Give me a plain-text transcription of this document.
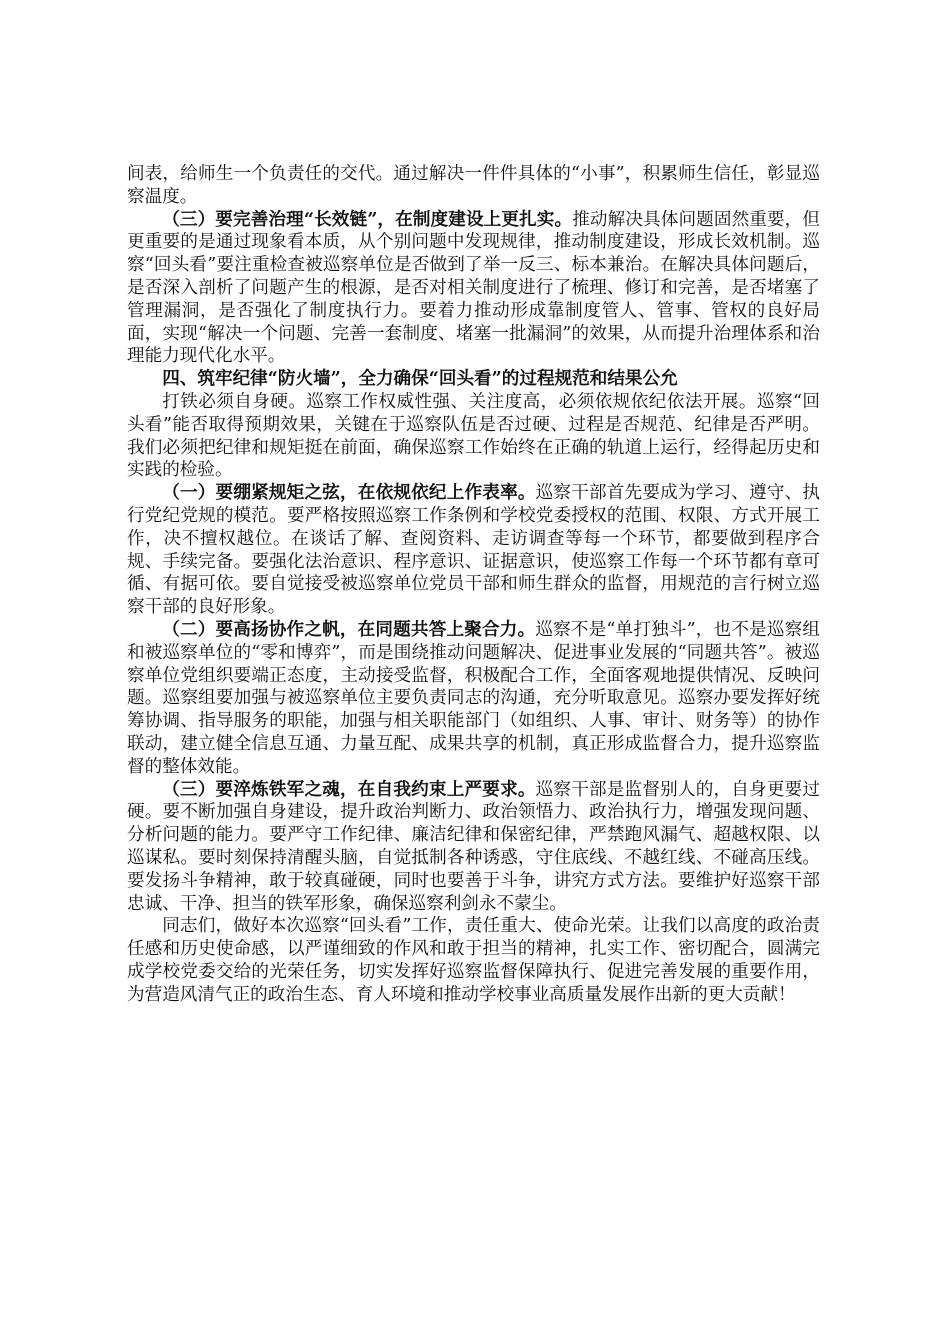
间表，给师生一个负责任的交代。通过解决一件件具体的“小事”，积累师生信任，彰显巡察温度。

（三）要完善治理“长效链”，在制度建设上更扎实。推动解决具体问题固然重要，但更重要的是通过现象看本质，从个别问题中发现规律，推动制度建设，形成长效机制。巡察“回头看”要注重检查被巡察单位是否做到了举一反三、标本兼治。在解决具体问题后，是否深入剖析了问题产生的根源，是否对相关制度进行了梳理、修订和完善，是否堵塞了管理漏洞，是否强化了制度执行力。要着力推动形成靠制度管人、管事、管权的良好局面，实现“解决一个问题、完善一套制度、堵塞一批漏洞”的效果，从而提升治理体系和治理能力现代化水平。

四、筑牢纪律“防火墙”，全力确保“回头看”的过程规范和结果公允

打铁必须自身硬。巡察工作权威性强、关注度高，必须依规依纪依法开展。巡察“回头看”能否取得预期效果，关键在于巡察队伍是否过硬、过程是否规范、纪律是否严明。我们必须把纪律和规矩挺在前面，确保巡察工作始终在正确的轨道上运行，经得起历史和实践的检验。

（一）要绷紧规矩之弦，在依规依纪上作表率。巡察干部首先要成为学习、遵守、执行党纪党规的模范。要严格按照巡察工作条例和学校党委授权的范围、权限、方式开展工作，决不擅权越位。在谈话了解、查阅资料、走访调查等每一个环节，都要做到程序合规、手续完备。要强化法治意识、程序意识、证据意识，使巡察工作每一个环节都有章可循、有据可依。要自觉接受被巡察单位党员干部和师生群众的监督，用规范的言行树立巡察干部的良好形象。

（二）要高扬协作之帆，在同题共答上聚合力。巡察不是“单打独斗”，也不是巡察组和被巡察单位的“零和博弈”，而是围绕推动问题解决、促进事业发展的“同题共答”。被巡察单位党组织要端正态度，主动接受监督，积极配合工作，全面客观地提供情况、反映问题。巡察组要加强与被巡察单位主要负责同志的沟通，充分听取意见。巡察办要发挥好统筹协调、指导服务的职能，加强与相关职能部门（如组织、人事、审计、财务等）的协作联动，建立健全信息互通、力量互配、成果共享的机制，真正形成监督合力，提升巡察监督的整体效能。

（三）要淬炼铁军之魂，在自我约束上严要求。巡察干部是监督别人的，自身更要过硬。要不断加强自身建设，提升政治判断力、政治领悟力、政治执行力，增强发现问题、分析问题的能力。要严守工作纪律、廉洁纪律和保密纪律，严禁跑风漏气、超越权限、以巡谋私。要时刻保持清醒头脑，自觉抵制各种诱惑，守住底线、不越红线、不碰高压线。要发扬斗争精神，敢于较真碰硬，同时也要善于斗争，讲究方式方法。要维护好巡察干部忠诚、干净、担当的铁军形象，确保巡察利剑永不蒙尘。

同志们，做好本次巡察“回头看”工作，责任重大、使命光荣。让我们以高度的政治责任感和历史使命感，以严谨细致的作风和敢于担当的精神，扎实工作、密切配合，圆满完成学校党委交给的光荣任务，切实发挥好巡察监督保障执行、促进完善发展的重要作用，为营造风清气正的政治生态、育人环境和推动学校事业高质量发展作出新的更大贡献！
